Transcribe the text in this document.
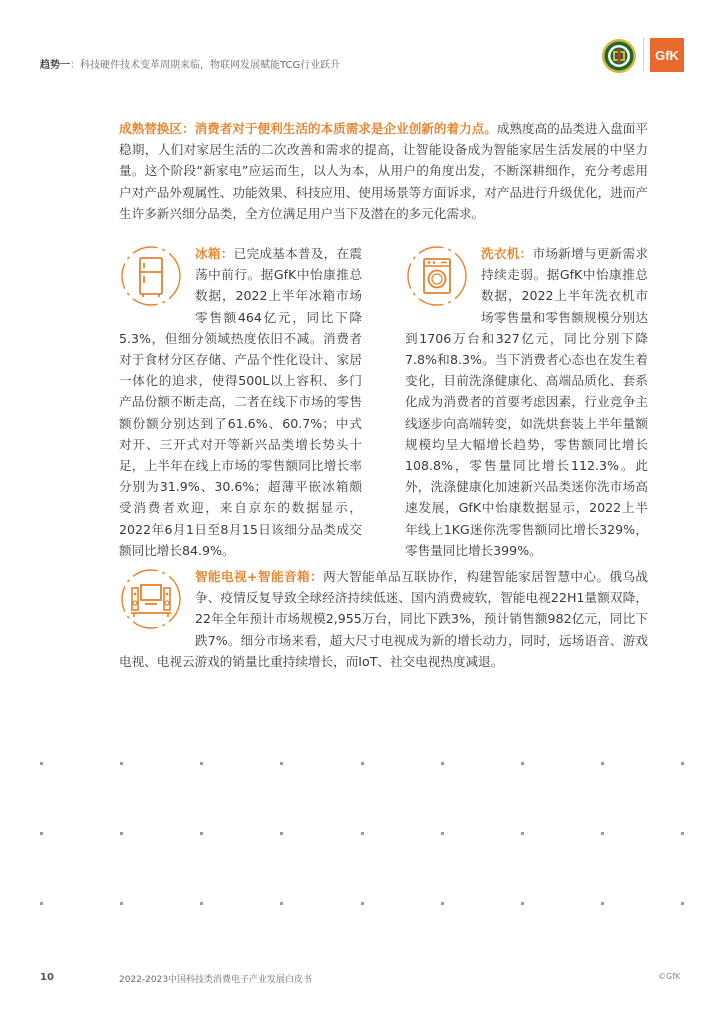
趋势一：科技硬件技术变革周期来临，物联网发展赋能TCG行业跃升
GfK
成熟替换区：消费者对于便利生活的本质需求是企业创新的着力点。成熟度高的品类进入盘面平稳期，人们对家居生活的二次改善和需求的提高，让智能设备成为智能家居生活发展的中坚力量。这个阶段“新家电”应运而生，以人为本，从用户的角度出发，不断深耕细作，充分考虑用户对产品外观属性、功能效果、科技应用、使用场景等方面诉求，对产品进行升级优化，进而产生许多新兴细分品类，全方位满足用户当下及潜在的多元化需求。
冰箱：已完成基本普及，在震荡中前行。据GfK中怡康推总数据，2022上半年冰箱市场零售额464亿元，同比下降5.3%，但细分领域热度依旧不减。消费者对于食材分区存储、产品个性化设计、家居一体化的追求，使得500L以上容积、多门产品份额不断走高，二者在线下市场的零售额份额分别达到了61.6%、60.7%；中式对开、三开式对开等新兴品类增长势头十足，上半年在线上市场的零售额同比增长率分别为31.9%、30.6%；超薄平嵌冰箱颇受消费者欢迎，来自京东的数据显示，2022年6月1日至8月15日该细分品类成交额同比增长84.9%。
洗衣机：市场新增与更新需求持续走弱。据GfK中怡康推总数据，2022上半年洗衣机市场零售量和零售额规模分别达到1706万台和327亿元，同比分别下降7.8%和8.3%。当下消费者心态也在发生着变化，目前洗涤健康化、高端品质化、套系化成为消费者的首要考虑因素，行业竞争主线逐步向高端转变，如洗烘套装上半年量额规模均呈大幅增长趋势，零售额同比增长108.8%，零售量同比增长112.3%。此外，洗涤健康化加速新兴品类迷你洗市场高速发展，GfK中怡康数据显示，2022上半年线上1KG迷你洗零售额同比增长329%，零售量同比增长399%。
智能电视+智能音箱：两大智能单品互联协作，构建智能家居智慧中心。俄乌战争、疫情反复导致全球经济持续低迷、国内消费疲软，智能电视22H1量额双降，22年全年预计市场规模2,955万台，同比下跌3%，预计销售额982亿元，同比下跌7%。细分市场来看，超大尺寸电视成为新的增长动力，同时，远场语音、游戏电视、电视云游戏的销量比重持续增长，而IoT、社交电视热度减退。
10	2022-2023中国科技类消费电子产业发展白皮书	©GfK
